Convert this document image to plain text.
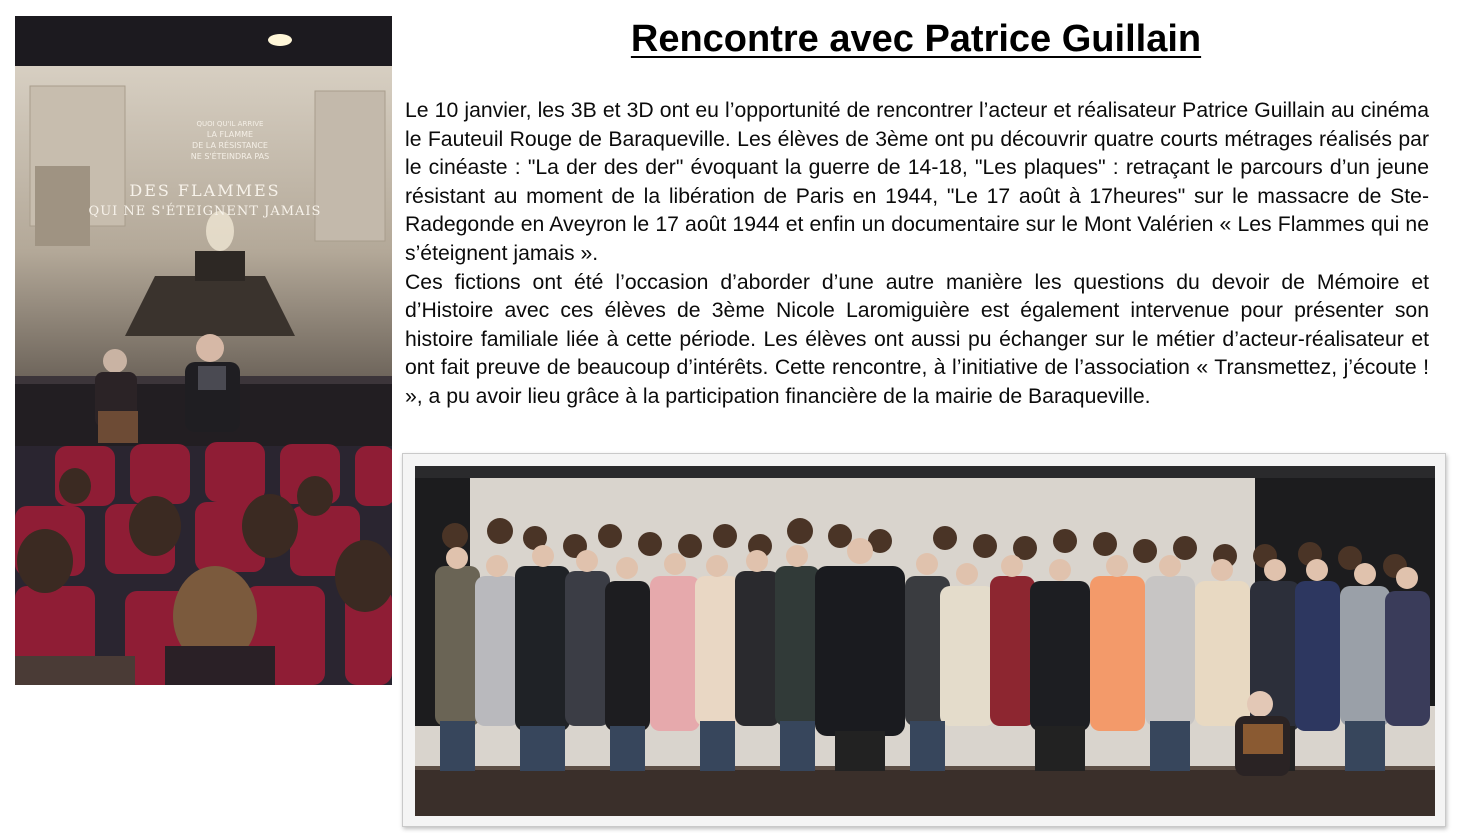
QUOI QU'IL ARRIVE
LA FLAMME
DE LA RÉSISTANCE
NE S'ÉTEINDRA PAS
DES FLAMMES
QUI NE S'ÉTEIGNENT JAMAIS
Rencontre avec Patrice Guillain

Le 10 janvier, les 3B et 3D ont eu l’opportunité de rencontrer l’acteur et réalisateur Patrice Guillain au cinéma le Fauteuil Rouge de Baraqueville. Les élèves de 3ème ont pu découvrir quatre courts métrages réalisés par le cinéaste : "La der des der" évoquant la guerre de 14-18, "Les plaques" : retraçant le parcours d’un jeune résistant au moment de la libération de Paris en 1944, "Le 17 août à 17heures" sur le massacre de Ste-Radegonde en Aveyron le 17 août 1944 et enfin un documentaire sur le Mont Valérien « Les Flammes qui ne s’éteignent jamais ».

Ces fictions ont été l’occasion d’aborder d’une autre manière les questions du devoir de Mémoire et d’Histoire avec ces élèves de 3ème Nicole Laromiguière est également intervenue pour présenter son histoire familiale liée à cette période. Les élèves ont aussi pu échanger sur le métier d’acteur-réalisateur et ont fait preuve de beaucoup d’intérêts. Cette rencontre, à l’initiative de l’association « Transmettez, j’écoute ! », a pu avoir lieu grâce à la participation financière de la mairie de Baraqueville.
